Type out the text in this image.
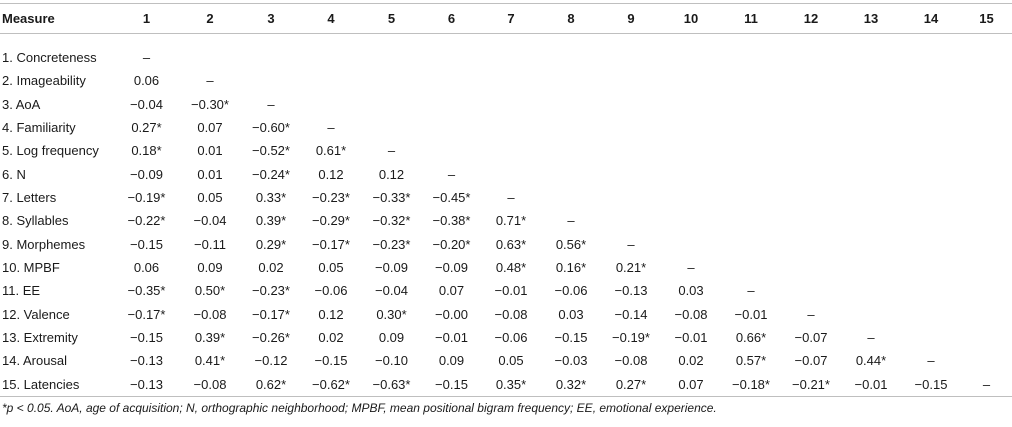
Measure	1	2	3	4	5	6	7	8	9	10	11	12	13	14	15
1. Concreteness	–														
2. Imageability	0.06	–													
3. AoA	−0.04	−0.30*	–												
4. Familiarity	0.27*	0.07	−0.60*	–											
5. Log frequency	0.18*	0.01	−0.52*	0.61*	–										
6. N	−0.09	0.01	−0.24*	0.12	0.12	–									
7. Letters	−0.19*	0.05	0.33*	−0.23*	−0.33*	−0.45*	–								
8. Syllables	−0.22*	−0.04	0.39*	−0.29*	−0.32*	−0.38*	0.71*	–							
9. Morphemes	−0.15	−0.11	0.29*	−0.17*	−0.23*	−0.20*	0.63*	0.56*	–						
10. MPBF	0.06	0.09	0.02	0.05	−0.09	−0.09	0.48*	0.16*	0.21*	–					
11. EE	−0.35*	0.50*	−0.23*	−0.06	−0.04	0.07	−0.01	−0.06	−0.13	0.03	–				
12. Valence	−0.17*	−0.08	−0.17*	0.12	0.30*	−0.00	−0.08	0.03	−0.14	−0.08	−0.01	–			
13. Extremity	−0.15	0.39*	−0.26*	0.02	0.09	−0.01	−0.06	−0.15	−0.19*	−0.01	0.66*	−0.07	–		
14. Arousal	−0.13	0.41*	−0.12	−0.15	−0.10	0.09	0.05	−0.03	−0.08	0.02	0.57*	−0.07	0.44*	–	
15. Latencies	−0.13	−0.08	0.62*	−0.62*	−0.63*	−0.15	0.35*	0.32*	0.27*	0.07	−0.18*	−0.21*	−0.01	−0.15	–
*p < 0.05. AoA, age of acquisition; N, orthographic neighborhood; MPBF, mean positional bigram frequency; EE, emotional experience.
